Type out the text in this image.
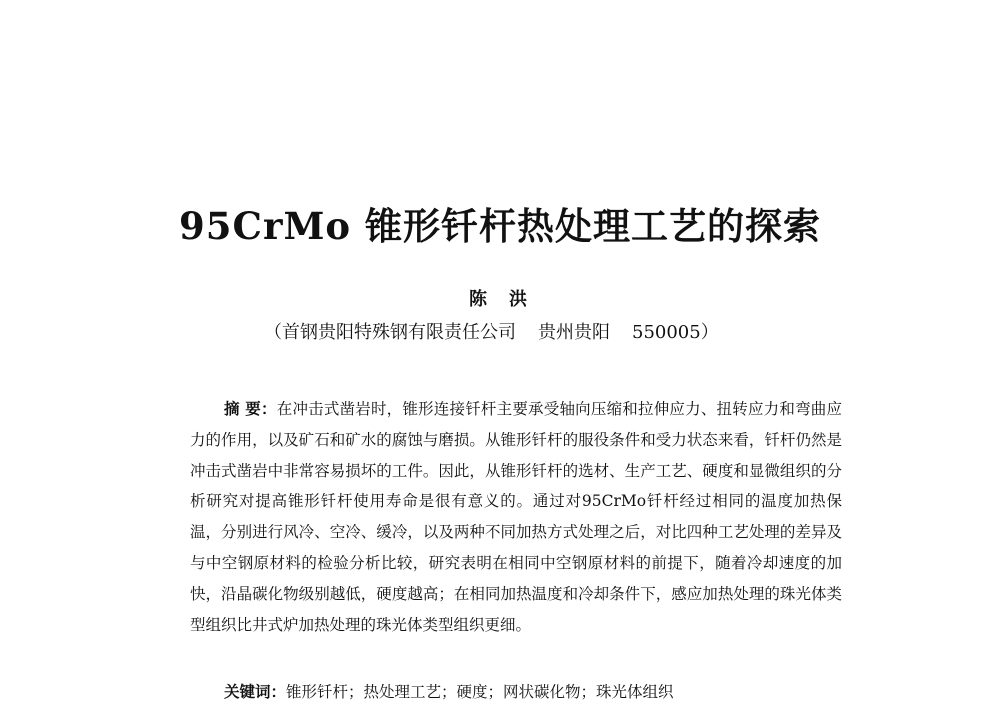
95CrMo 锥形钎杆热处理工艺的探索

陈洪

（首钢贵阳特殊钢有限责任公司 贵州贵阳 550005）

摘 要：在冲击式凿岩时，锥形连接钎杆主要承受轴向压缩和拉伸应力、扭转应力和弯曲应力的作用，以及矿石和矿水的腐蚀与磨损。从锥形钎杆的服役条件和受力状态来看，钎杆仍然是冲击式凿岩中非常容易损坏的工件。因此，从锥形钎杆的选材、生产工艺、硬度和显微组织的分析研究对提高锥形钎杆使用寿命是很有意义的。通过对95CrMo钎杆经过相同的温度加热保温，分别进行风冷、空冷、缓冷，以及两种不同加热方式处理之后，对比四种工艺处理的差异及与中空钢原材料的检验分析比较，研究表明在相同中空钢原材料的前提下，随着冷却速度的加快，沿晶碳化物级别越低，硬度越高；在相同加热温度和冷却条件下，感应加热处理的珠光体类型组织比井式炉加热处理的珠光体类型组织更细。

关键词：锥形钎杆；热处理工艺；硬度；网状碳化物；珠光体组织
